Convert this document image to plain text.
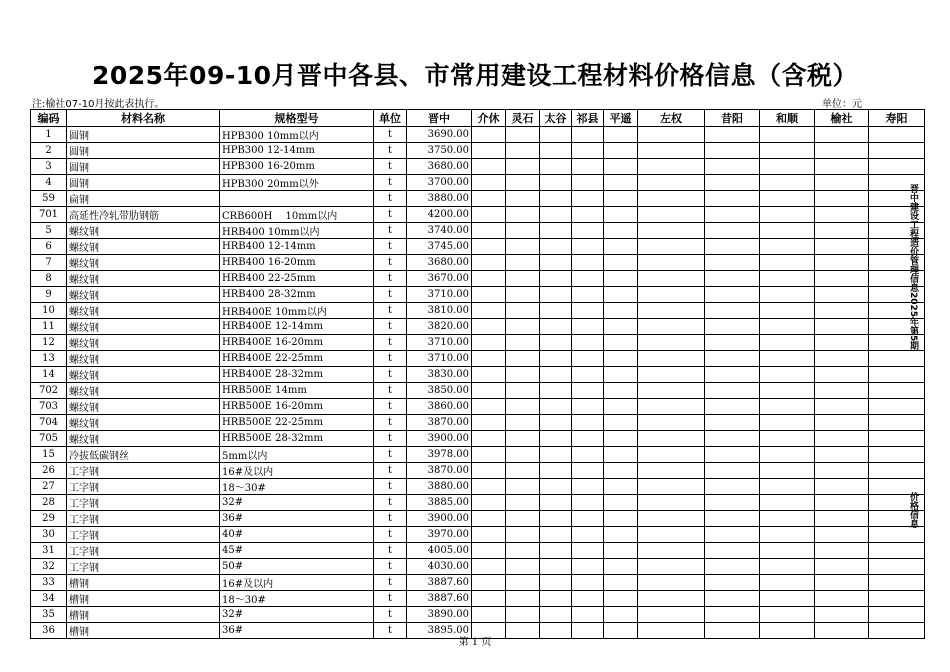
2025年09-10月晋中各县、市常用建设工程材料价格信息（含税）
注:榆社07-10月按此表执行。	单位：元
编码	材料名称	规格型号	单位	晋中	介休	灵石	太谷	祁县	平遥	左权	昔阳	和顺	榆社	寿阳
1	圆钢	HPB300 10mm以内	t	3690.00										
2	圆钢	HPB300 12-14mm	t	3750.00										
3	圆钢	HPB300 16-20mm	t	3680.00										
4	圆钢	HPB300 20mm以外	t	3700.00										
59	扁钢		t	3880.00										
701	高延性冷轧带肋钢筋	CRB600H　 10mm以内	t	4200.00										
5	螺纹钢	HRB400 10mm以内	t	3740.00										
6	螺纹钢	HRB400 12-14mm	t	3745.00										
7	螺纹钢	HRB400 16-20mm	t	3680.00										
8	螺纹钢	HRB400 22-25mm	t	3670.00										
9	螺纹钢	HRB400 28-32mm	t	3710.00										
10	螺纹钢	HRB400E 10mm以内	t	3810.00										
11	螺纹钢	HRB400E 12-14mm	t	3820.00										
12	螺纹钢	HRB400E 16-20mm	t	3710.00										
13	螺纹钢	HRB400E 22-25mm	t	3710.00										
14	螺纹钢	HRB400E 28-32mm	t	3830.00										
702	螺纹钢	HRB500E 14mm	t	3850.00										
703	螺纹钢	HRB500E 16-20mm	t	3860.00										
704	螺纹钢	HRB500E 22-25mm	t	3870.00										
705	螺纹钢	HRB500E 28-32mm	t	3900.00										
15	冷拔低碳钢丝	5mm以内	t	3978.00										
26	工字钢	16#及以内	t	3870.00										
27	工字钢	18～30#	t	3880.00										
28	工字钢	32#	t	3885.00										
29	工字钢	36#	t	3900.00										
30	工字钢	40#	t	3970.00										
31	工字钢	45#	t	4005.00										
32	工字钢	50#	t	4030.00										
33	槽钢	16#及以内	t	3887.60										
34	槽钢	18～30#	t	3887.60										
35	槽钢	32#	t	3890.00										
36	槽钢	36#	t	3895.00										
晋中建设工程造价管理信息2025年第5期
价格信息
第 1 页
